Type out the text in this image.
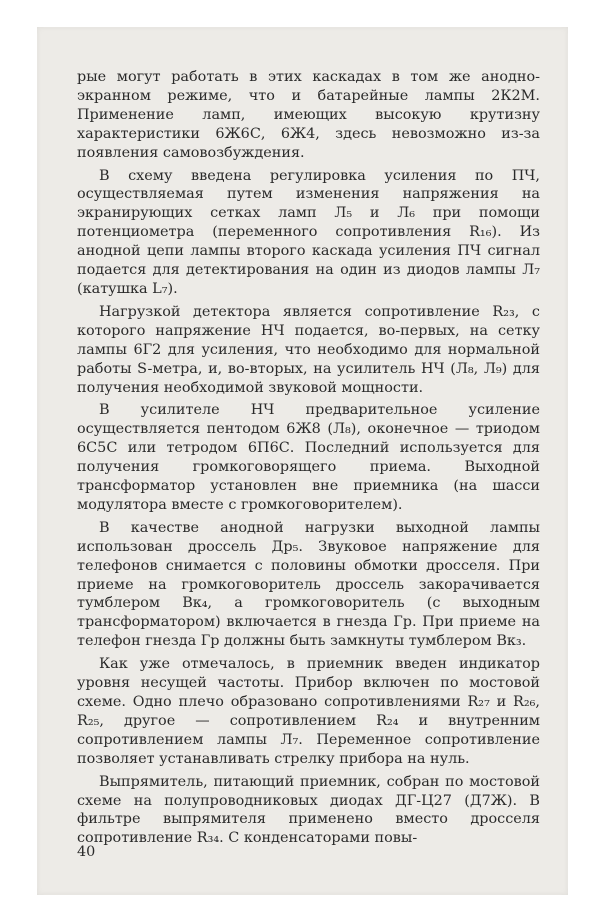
рые могут работать в этих каскадах в том же анодно-экранном режиме, что и батарейные лампы 2К2М. Применение ламп, имеющих высокую крутизну характеристики 6Ж6С, 6Ж4, здесь невозможно из-за появления самовозбуждения.

В схему введена регулировка усиления по ПЧ, осуществляемая путем изменения напряжения на экранирующих сетках ламп Л₅ и Л₆ при помощи потенциометра (переменного сопротивления R₁₆). Из анодной цепи лампы второго каскада усиления ПЧ сигнал подается для детектирования на один из диодов лампы Л₇ (катушка L₇).

Нагрузкой детектора является сопротивление R₂₃, с которого напряжение НЧ подается, во-первых, на сетку лампы 6Г2 для усиления, что необходимо для нормальной работы S-метра, и, во-вторых, на усилитель НЧ (Л₈, Л₉) для получения необходимой звуковой мощности.

В усилителе НЧ предварительное усиление осуществляется пентодом 6Ж8 (Л₈), оконечное — триодом 6С5С или тетродом 6П6С. Последний используется для получения громкоговорящего приема. Выходной трансформатор установлен вне приемника (на шасси модулятора вместе с громкоговорителем).

В качестве анодной нагрузки выходной лампы использован дроссель Др₅. Звуковое напряжение для телефонов снимается с половины обмотки дросселя. При приеме на громкоговоритель дроссель закорачивается тумблером Вк₄, а громкоговоритель (с выходным трансформатором) включается в гнезда Гр. При приеме на телефон гнезда Гр должны быть замкнуты тумблером Вк₃.

Как уже отмечалось, в приемник введен индикатор уровня несущей частоты. Прибор включен по мостовой схеме. Одно плечо образовано сопротивлениями R₂₇ и R₂₆, R₂₅, другое — сопротивлением R₂₄ и внутренним сопротивлением лампы Л₇. Переменное сопротивление позволяет устанавливать стрелку прибора на нуль.

Выпрямитель, питающий приемник, собран по мостовой схеме на полупроводниковых диодах ДГ-Ц27 (Д7Ж). В фильтре выпрямителя применено вместо дросселя сопротивление R₃₄. С конденсаторами повы-

40
